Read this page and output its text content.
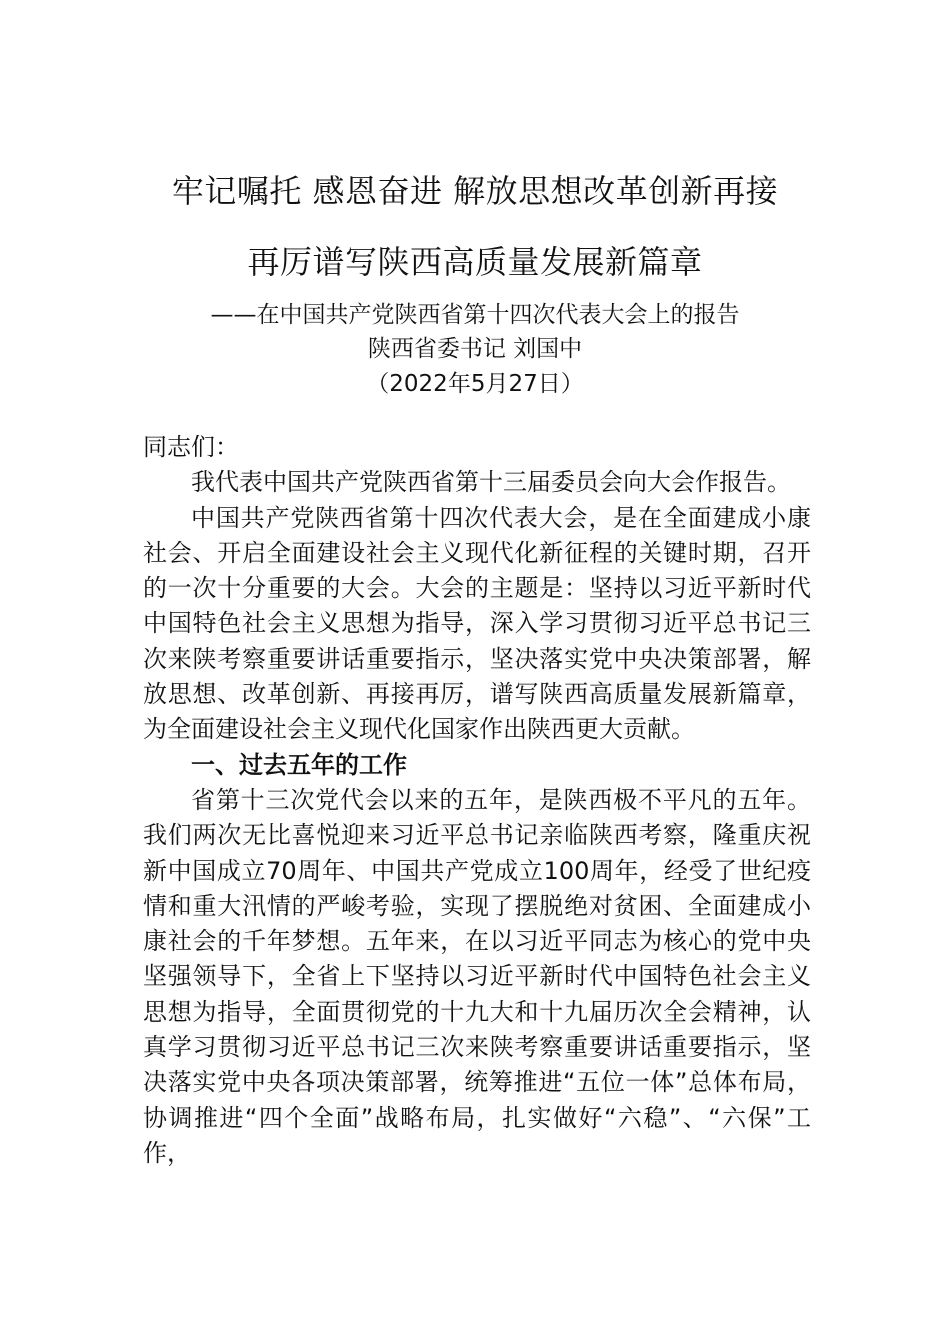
牢记嘱托 感恩奋进 解放思想改革创新再接
再厉谱写陕西高质量发展新篇章
——在中国共产党陕西省第十四次代表大会上的报告
陕西省委书记 刘国中
（2022年5月27日）

同志们：

我代表中国共产党陕西省第十三届委员会向大会作报告。

中国共产党陕西省第十四次代表大会，是在全面建成小康社会、开启全面建设社会主义现代化新征程的关键时期，召开的一次十分重要的大会。大会的主题是：坚持以习近平新时代中国特色社会主义思想为指导，深入学习贯彻习近平总书记三次来陕考察重要讲话重要指示，坚决落实党中央决策部署，解放思想、改革创新、再接再厉，谱写陕西高质量发展新篇章，为全面建设社会主义现代化国家作出陕西更大贡献。

一、过去五年的工作

省第十三次党代会以来的五年，是陕西极不平凡的五年。我们两次无比喜悦迎来习近平总书记亲临陕西考察，隆重庆祝新中国成立70周年、中国共产党成立100周年，经受了世纪疫情和重大汛情的严峻考验，实现了摆脱绝对贫困、全面建成小康社会的千年梦想。五年来，在以习近平同志为核心的党中央坚强领导下，全省上下坚持以习近平新时代中国特色社会主义思想为指导，全面贯彻党的十九大和十九届历次全会精神，认真学习贯彻习近平总书记三次来陕考察重要讲话重要指示，坚决落实党中央各项决策部署，统筹推进“五位一体”总体布局，协调推进“四个全面”战略布局，扎实做好“六稳”、“六保”工作，
